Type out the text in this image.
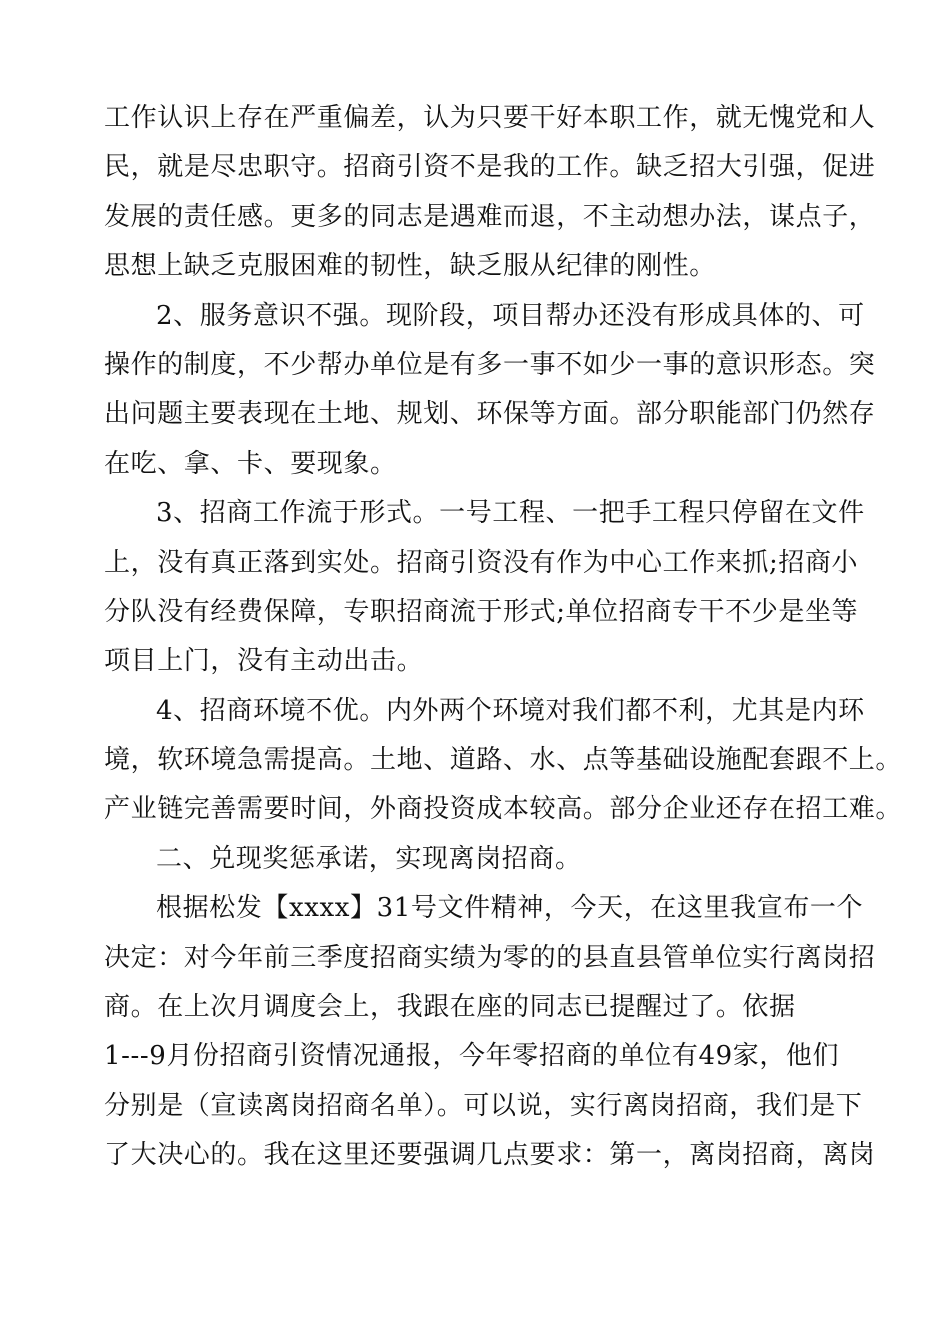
工作认识上存在严重偏差，认为只要干好本职工作，就无愧党和人
民，就是尽忠职守。招商引资不是我的工作。缺乏招大引强，促进
发展的责任感。更多的同志是遇难而退，不主动想办法，谋点子，
思想上缺乏克服困难的韧性，缺乏服从纪律的刚性。
2、服务意识不强。现阶段，项目帮办还没有形成具体的、可
操作的制度，不少帮办单位是有多一事不如少一事的意识形态。突
出问题主要表现在土地、规划、环保等方面。部分职能部门仍然存
在吃、拿、卡、要现象。
3、招商工作流于形式。一号工程、一把手工程只停留在文件
上，没有真正落到实处。招商引资没有作为中心工作来抓;招商小
分队没有经费保障，专职招商流于形式;单位招商专干不少是坐等
项目上门，没有主动出击。
4、招商环境不优。内外两个环境对我们都不利，尤其是内环
境，软环境急需提高。土地、道路、水、点等基础设施配套跟不上。
产业链完善需要时间，外商投资成本较高。部分企业还存在招工难。
二、兑现奖惩承诺，实现离岗招商。
根据松发【xxxx】31号文件精神，今天，在这里我宣布一个
决定：对今年前三季度招商实绩为零的的县直县管单位实行离岗招
商。在上次月调度会上，我跟在座的同志已提醒过了。依据
1---9月份招商引资情况通报，今年零招商的单位有49家，他们
分别是（宣读离岗招商名单）。可以说，实行离岗招商，我们是下
了大决心的。我在这里还要强调几点要求：第一，离岗招商，离岗
